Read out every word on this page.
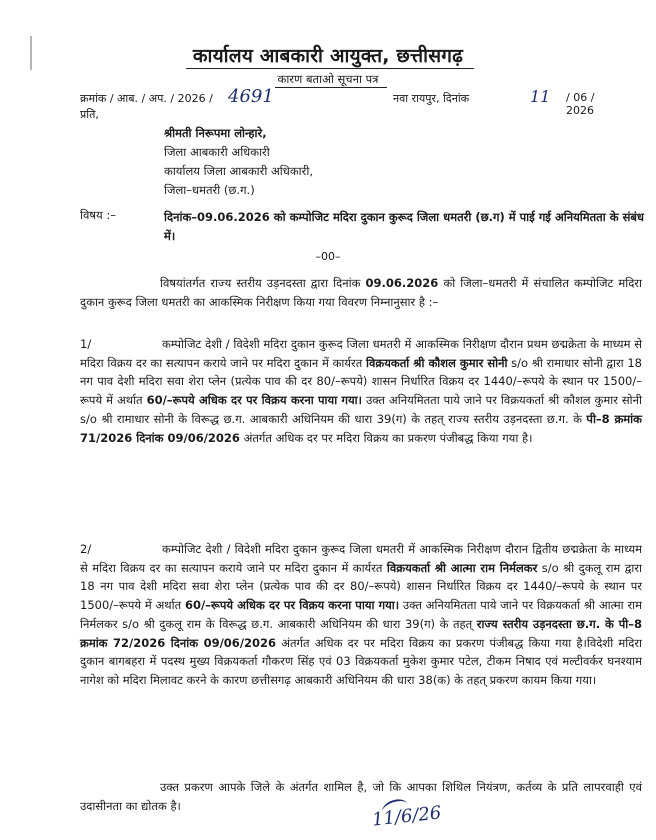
कार्यालय आबकारी आयुक्त, छत्तीसगढ़
कारण बताओ सूचना पत्र
क्रमांक / आब. / अप. / 2026 / 4691	नवा रायपुर, दिनांक	11 / 06 / 2026
प्रति,
श्रीमती निरूपमा लोन्हारे,
जिला आबकारी अधिकारी
कार्यालय जिला आबकारी अधिकारी,
जिला–धमतरी (छ.ग.)
विषय :–	दिनांक–09.06.2026 को कम्पोजिट मदिरा दुकान कुरूद जिला धमतरी (छ.ग) में पाई गई अनियमितता के संबंध में।
–00–

विषयांतर्गत राज्य स्तरीय उड़नदस्ता द्वारा दिनांक 09.06.2026 को जिला–धमतरी में संचालित कम्पोजिट मदिरा दुकान कुरूद जिला धमतरी का आकस्मिक निरीक्षण किया गया विवरण निम्नानुसार है :–

1/	कम्पोजिट देशी / विदेशी मदिरा दुकान कुरूद जिला धमतरी में आकस्मिक निरीक्षण दौरान प्रथम छद्मक्रेता के माध्यम से मदिरा विक्रय दर का सत्यापन कराये जाने पर मदिरा दुकान में कार्यरत विक्रयकर्ता श्री कौशल कुमार सोनी s/o श्री रामाधार सोनी द्वारा 18 नग पाव देशी मदिरा सवा शेरा प्लेन (प्रत्येक पाव की दर 80/–रूपये) शासन निर्धारित विक्रय दर 1440/–रूपये के स्थान पर 1500/–रूपये में अर्थात 60/–रूपये अधिक दर पर विक्रय करना पाया गया। उक्त अनियमितता पाये जाने पर विक्रयकर्ता श्री कौशल कुमार सोनी s/o श्री रामाधार सोनी के विरूद्ध छ.ग. आबकारी अधिनियम की धारा 39(ग) के तहत् राज्य स्तरीय उड़नदस्ता छ.ग. के पी–8 क्रमांक 71/2026 दिनांक 09/06/2026 अंतर्गत अधिक दर पर मदिरा विक्रय का प्रकरण पंजीबद्ध किया गया है।

2/	कम्पोजिट देशी / विदेशी मदिरा दुकान कुरूद जिला धमतरी में आकस्मिक निरीक्षण दौरान द्वितीय छद्मक्रेता के माध्यम से मदिरा विक्रय दर का सत्यापन कराये जाने पर मदिरा दुकान में कार्यरत विक्रयकर्ता श्री आत्मा राम निर्मलकर s/o श्री दुकलू राम द्वारा 18 नग पाव देशी मदिरा सवा शेरा प्लेन (प्रत्येक पाव की दर 80/–रूपये) शासन निर्धारित विक्रय दर 1440/–रूपये के स्थान पर 1500/–रूपये में अर्थात 60/–रूपये अधिक दर पर विक्रय करना पाया गया। उक्त अनियमितता पाये जाने पर विक्रयकर्ता श्री आत्मा राम निर्मलकर s/o श्री दुकलू राम के विरूद्ध छ.ग. आबकारी अधिनियम की धारा 39(ग) के तहत् राज्य स्तरीय उड़नदस्ता छ.ग. के पी–8 क्रमांक 72/2026 दिनांक 09/06/2026 अंतर्गत अधिक दर पर मदिरा विक्रय का प्रकरण पंजीबद्ध किया गया है।विदेशी मदिरा दुकान बागबहरा में पदस्थ मुख्य विक्रयकर्ता गौकरण सिंह एवं 03 विक्रयकर्ता मुकेश कुमार पटेल, टीकम निषाद एवं मल्टीवर्कर घनश्याम नागेश को मदिरा मिलावट करने के कारण छत्तीसगढ़ आबकारी अधिनियम की धारा 38(क) के तहत् प्रकरण कायम किया गया।

उक्त प्रकरण आपके जिले के अंतर्गत शामिल है, जो कि आपका शिथिल नियंत्रण, कर्तव्य के प्रति लापरवाही एवं उदासीनता का द्योतक है।	11/6/26
